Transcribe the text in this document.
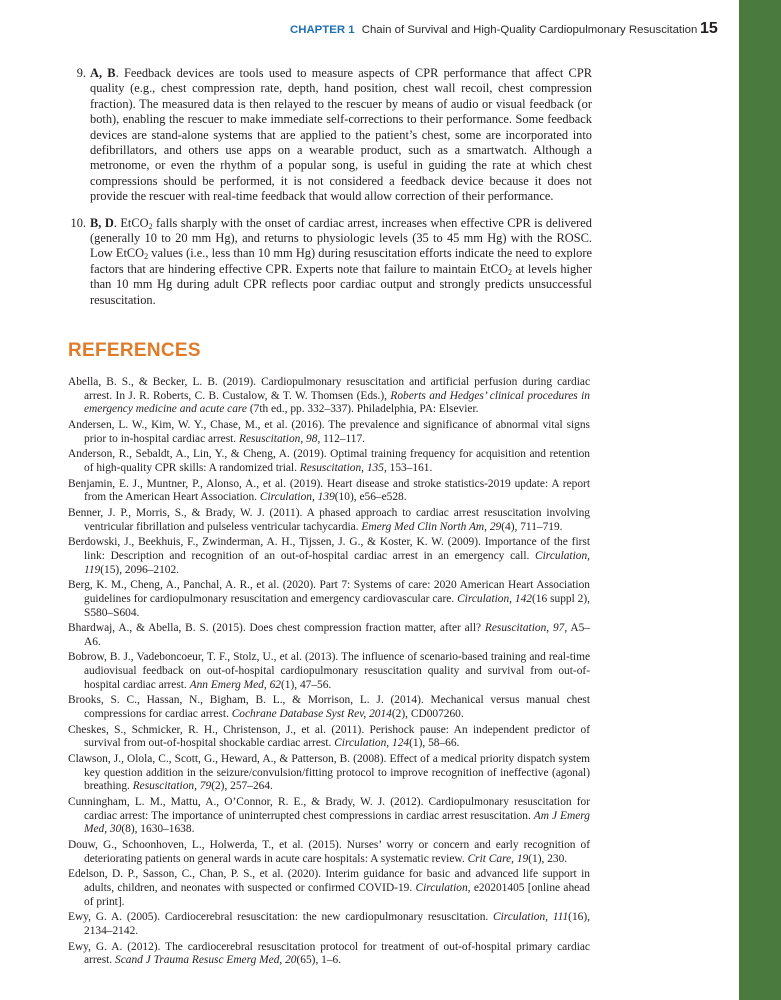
CHAPTER 1 Chain of Survival and High-Quality Cardiopulmonary Resuscitation 15
9. A, B. Feedback devices are tools used to measure aspects of CPR performance that affect CPR quality (e.g., chest compression rate, depth, hand position, chest wall recoil, chest compression fraction). The measured data is then relayed to the rescuer by means of audio or visual feedback (or both), enabling the rescuer to make immediate self-corrections to their performance. Some feedback devices are stand-alone systems that are applied to the patient’s chest, some are incorporated into defibrillators, and others use apps on a wearable product, such as a smartwatch. Although a metronome, or even the rhythm of a popular song, is useful in guiding the rate at which chest compressions should be performed, it is not considered a feedback device because it does not provide the rescuer with real-time feedback that would allow correction of their performance.
10. B, D. EtCO$_2$ falls sharply with the onset of cardiac arrest, increases when effective CPR is delivered (generally 10 to 20 mm Hg), and returns to physiologic levels (35 to 45 mm Hg) with the ROSC. Low EtCO$_2$ values (i.e., less than 10 mm Hg) during resuscitation efforts indicate the need to explore factors that are hindering effective CPR. Experts note that failure to maintain EtCO$_2$ at levels higher than 10 mm Hg during adult CPR reflects poor cardiac output and strongly predicts unsuccessful resuscitation.
REFERENCES

Abella, B. S., & Becker, L. B. (2019). Cardiopulmonary resuscitation and artificial perfusion during cardiac arrest. In J. R. Roberts, C. B. Custalow, & T. W. Thomsen (Eds.), Roberts and Hedges’ clinical procedures in emergency medicine and acute care (7th ed., pp. 332–337). Philadelphia, PA: Elsevier.

Andersen, L. W., Kim, W. Y., Chase, M., et al. (2016). The prevalence and significance of abnormal vital signs prior to in-hospital cardiac arrest. Resuscitation, 98, 112–117.

Anderson, R., Sebaldt, A., Lin, Y., & Cheng, A. (2019). Optimal training frequency for acquisition and retention of high-quality CPR skills: A randomized trial. Resuscitation, 135, 153–161.

Benjamin, E. J., Muntner, P., Alonso, A., et al. (2019). Heart disease and stroke statistics-2019 update: A report from the American Heart Association. Circulation, 139(10), e56–e528.

Benner, J. P., Morris, S., & Brady, W. J. (2011). A phased approach to cardiac arrest resuscitation involving ventricular fibrillation and pulseless ventricular tachycardia. Emerg Med Clin North Am, 29(4), 711–719.

Berdowski, J., Beekhuis, F., Zwinderman, A. H., Tijssen, J. G., & Koster, K. W. (2009). Importance of the first link: Description and recognition of an out-of-hospital cardiac arrest in an emergency call. Circulation, 119(15), 2096–2102.

Berg, K. M., Cheng, A., Panchal, A. R., et al. (2020). Part 7: Systems of care: 2020 American Heart Association guidelines for cardiopulmonary resuscitation and emergency cardiovascular care. Circulation, 142(16 suppl 2), S580–S604.

Bhardwaj, A., & Abella, B. S. (2015). Does chest compression fraction matter, after all? Resuscitation, 97, A5–A6.

Bobrow, B. J., Vadeboncoeur, T. F., Stolz, U., et al. (2013). The influence of scenario-based training and real-time audiovisual feedback on out-of-hospital cardiopulmonary resuscitation quality and survival from out-of-hospital cardiac arrest. Ann Emerg Med, 62(1), 47–56.

Brooks, S. C., Hassan, N., Bigham, B. L., & Morrison, L. J. (2014). Mechanical versus manual chest compressions for cardiac arrest. Cochrane Database Syst Rev, 2014(2), CD007260.

Cheskes, S., Schmicker, R. H., Christenson, J., et al. (2011). Perishock pause: An independent predictor of survival from out-of-hospital shockable cardiac arrest. Circulation, 124(1), 58–66.

Clawson, J., Olola, C., Scott, G., Heward, A., & Patterson, B. (2008). Effect of a medical priority dispatch system key question addition in the seizure/convulsion/fitting protocol to improve recognition of ineffective (agonal) breathing. Resuscitation, 79(2), 257–264.

Cunningham, L. M., Mattu, A., O’Connor, R. E., & Brady, W. J. (2012). Cardiopulmonary resuscitation for cardiac arrest: The importance of uninterrupted chest compressions in cardiac arrest resuscitation. Am J Emerg Med, 30(8), 1630–1638.

Douw, G., Schoonhoven, L., Holwerda, T., et al. (2015). Nurses’ worry or concern and early recognition of deteriorating patients on general wards in acute care hospitals: A systematic review. Crit Care, 19(1), 230.

Edelson, D. P., Sasson, C., Chan, P. S., et al. (2020). Interim guidance for basic and advanced life support in adults, children, and neonates with suspected or confirmed COVID-19. Circulation, e20201405 [online ahead of print].

Ewy, G. A. (2005). Cardiocerebral resuscitation: the new cardiopulmonary resuscitation. Circulation, 111(16), 2134–2142.

Ewy, G. A. (2012). The cardiocerebral resuscitation protocol for treatment of out-of-hospital primary cardiac arrest. Scand J Trauma Resusc Emerg Med, 20(65), 1–6.
